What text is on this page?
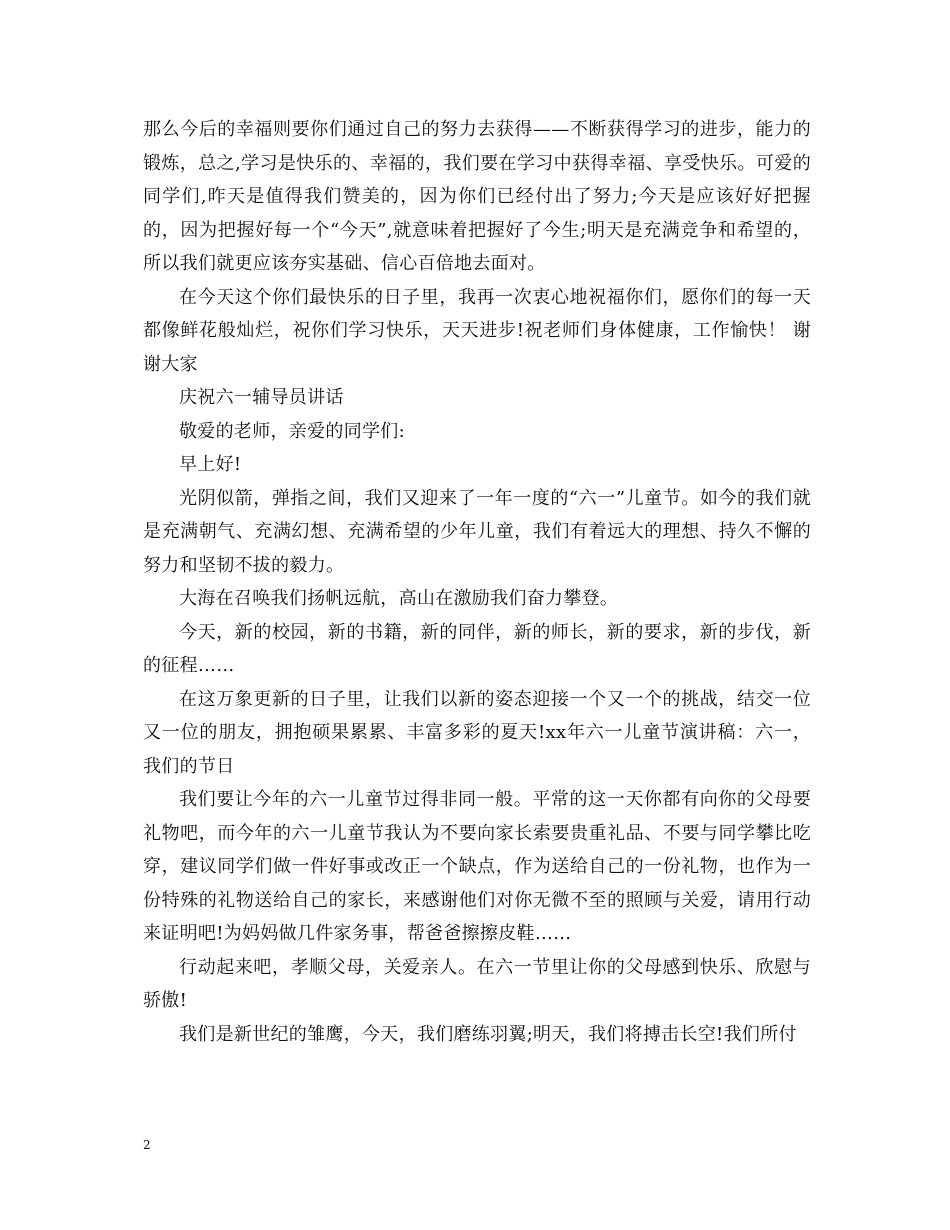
那么今后的幸福则要你们通过自己的努力去获得——不断获得学习的进步，能力的锻炼，总之,学习是快乐的、幸福的，我们要在学习中获得幸福、享受快乐。可爱的同学们,昨天是值得我们赞美的，因为你们已经付出了努力;今天是应该好好把握的，因为把握好每一个“今天”,就意味着把握好了今生;明天是充满竞争和希望的，所以我们就更应该夯实基础、信心百倍地去面对。

在今天这个你们最快乐的日子里，我再一次衷心地祝福你们，愿你们的每一天都像鲜花般灿烂，祝你们学习快乐，天天进步!祝老师们身体健康，工作愉快！ 谢谢大家

庆祝六一辅导员讲话

敬爱的老师，亲爱的同学们:

早上好!

光阴似箭，弹指之间，我们又迎来了一年一度的“六一”儿童节。如今的我们就是充满朝气、充满幻想、充满希望的少年儿童，我们有着远大的理想、持久不懈的努力和坚韧不拔的毅力。

大海在召唤我们扬帆远航，高山在激励我们奋力攀登。

今天，新的校园，新的书籍，新的同伴，新的师长，新的要求，新的步伐，新的征程……

在这万象更新的日子里，让我们以新的姿态迎接一个又一个的挑战，结交一位又一位的朋友，拥抱硕果累累、丰富多彩的夏天!xx年六一儿童节演讲稿：六一，我们的节日

我们要让今年的六一儿童节过得非同一般。平常的这一天你都有向你的父母要礼物吧，而今年的六一儿童节我认为不要向家长索要贵重礼品、不要与同学攀比吃穿，建议同学们做一件好事或改正一个缺点，作为送给自己的一份礼物，也作为一份特殊的礼物送给自己的家长，来感谢他们对你无微不至的照顾与关爱，请用行动来证明吧!为妈妈做几件家务事，帮爸爸擦擦皮鞋……

行动起来吧，孝顺父母，关爱亲人。在六一节里让你的父母感到快乐、欣慰与骄傲!

我们是新世纪的雏鹰，今天，我们磨练羽翼;明天，我们将搏击长空!我们所付

2
